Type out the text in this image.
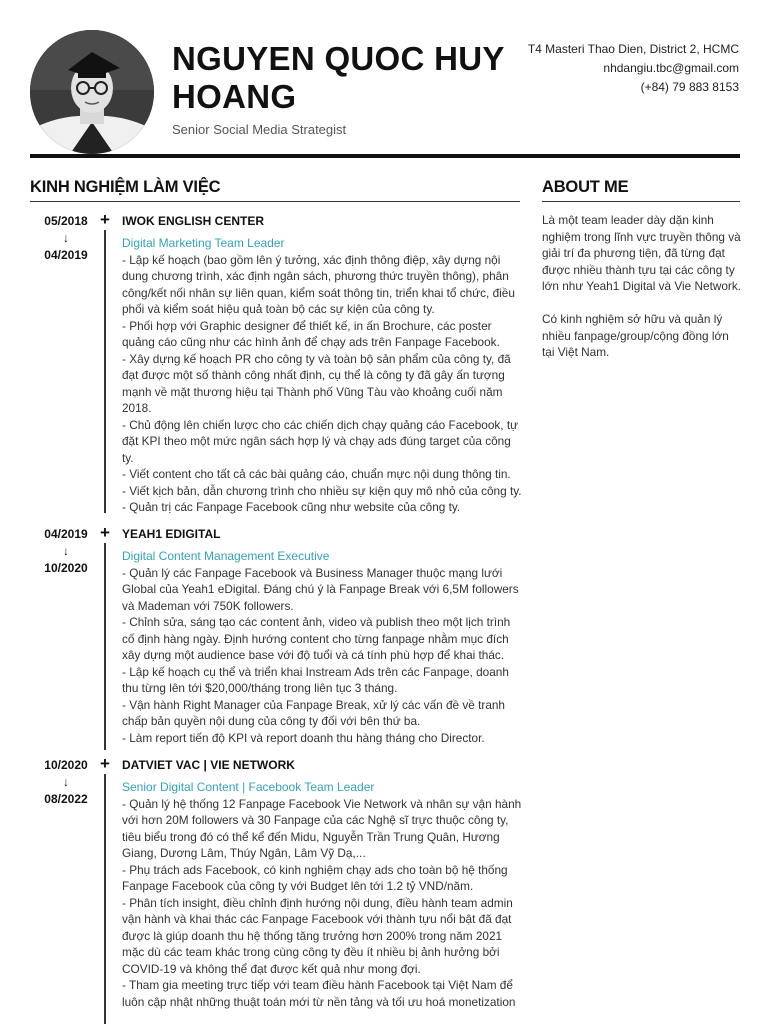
NGUYEN QUOC HUY HOANG
Senior Social Media Strategist
T4 Masteri Thao Dien, District 2, HCMC
nhdangiu.tbc@gmail.com
(+84) 79 883 8153
KINH NGHIỆM LÀM VIỆC	ABOUT ME

Là một team leader dày dặn kinh nghiệm trong lĩnh vực truyền thông và giải trí đa phương tiện, đã từng đạt được nhiều thành tựu tại các công ty lớn như Yeah1 Digital và Vie Network.

Có kinh nghiệm sở hữu và quản lý nhiều fanpage/group/cộng đồng lớn tại Việt Nam.

05/2018
↓
04/2019
+ IWOK ENGLISH CENTER
Digital Marketing Team Leader
- Lập kế hoạch (bao gồm lên ý tưởng, xác định thông điệp, xây dựng nội dung chương trình, xác định ngân sách, phương thức truyền thông), phân công/kết nối nhân sự liên quan, kiểm soát thông tin, triển khai tổ chức, điều phối và kiểm soát hiệu quả toàn bộ các sự kiện của công ty.
- Phối hợp với Graphic designer để thiết kế, in ấn Brochure, các poster quảng cáo cũng như các hình ảnh để chạy ads trên Fanpage Facebook.
- Xây dựng kế hoạch PR cho công ty và toàn bộ sản phẩm của công ty, đã đạt được một số thành công nhất định, cụ thể là công ty đã gây ấn tượng mạnh về mặt thương hiệu tại Thành phố Vũng Tàu vào khoảng cuối năm 2018.
- Chủ động lên chiến lược cho các chiến dịch chạy quảng cáo Facebook, tự đặt KPI theo một mức ngân sách hợp lý và chạy ads đúng target của công ty.
- Viết content cho tất cả các bài quảng cáo, chuẩn mực nội dung thông tin.
- Viết kịch bản, dẫn chương trình cho nhiều sự kiện quy mô nhỏ của công ty.
- Quản trị các Fanpage Facebook cũng như website của công ty.
04/2019
↓
10/2020
+ YEAH1 EDIGITAL
Digital Content Management Executive
- Quản lý các Fanpage Facebook và Business Manager thuộc mạng lưới Global của Yeah1 eDigital. Đáng chú ý là Fanpage Break với 6,5M followers và Mademan với 750K followers.
- Chỉnh sửa, sáng tạo các content ảnh, video và publish theo một lịch trình cố định hàng ngày. Định hướng content cho từng fanpage nhằm mục đích xây dựng một audience base với độ tuổi và cá tính phù hợp để khai thác.
- Lập kế hoạch cụ thể và triển khai Instream Ads trên các Fanpage, doanh thu từng lên tới $20,000/tháng trong liên tục 3 tháng.
- Vận hành Right Manager của Fanpage Break, xử lý các vấn đề về tranh chấp bản quyền nội dung của công ty đối với bên thứ ba.
- Làm report tiến độ KPI và report doanh thu hàng tháng cho Director.
10/2020
↓
08/2022
+ DATVIET VAC | VIE NETWORK
Senior Digital Content | Facebook Team Leader
- Quản lý hệ thống 12 Fanpage Facebook Vie Network và nhân sự vận hành với hơn 20M followers và 30 Fanpage của các Nghệ sĩ trực thuộc công ty, tiêu biểu trong đó có thể kể đến Midu, Nguyễn Trần Trung Quân, Hương Giang, Dương Lâm, Thúy Ngân, Lâm Vỹ Dạ,...
- Phụ trách ads Facebook, có kinh nghiệm chạy ads cho toàn bộ hệ thống Fanpage Facebook của công ty với Budget lên tới 1.2 tỷ VND/năm.
- Phân tích insight, điều chỉnh định hướng nội dung, điều hành team admin vận hành và khai thác các Fanpage Facebook với thành tựu nổi bật đã đạt được là giúp doanh thu hệ thống tăng trưởng hơn 200% trong năm 2021 mặc dù các team khác trong cùng công ty đều ít nhiều bị ảnh hưởng bởi COVID-19 và không thể đạt được kết quả như mong đợi.
- Tham gia meeting trực tiếp với team điều hành Facebook tại Việt Nam để luôn cập nhật những thuật toán mới từ nền tảng và tối ưu hoá monetization
